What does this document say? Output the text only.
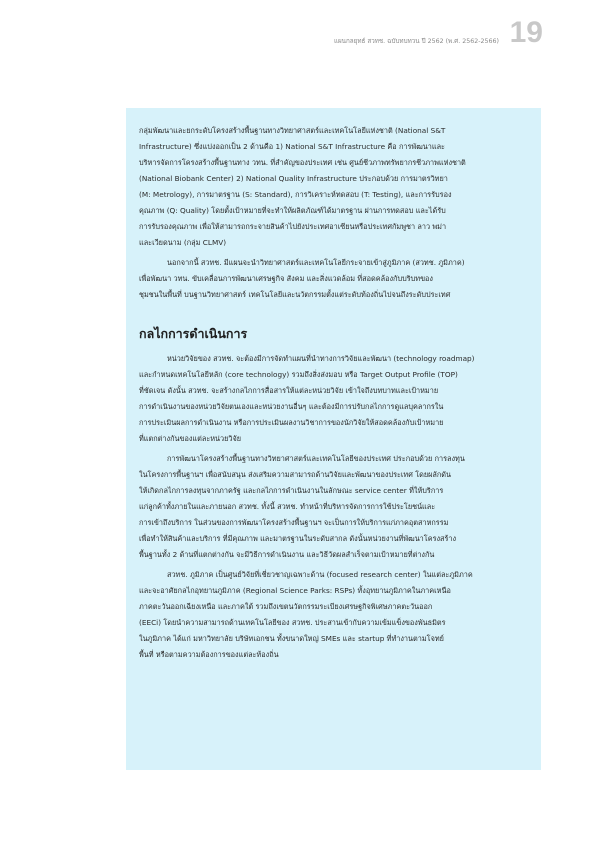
แผนกลยุทธ์ สวทช. ฉบับทบทวน ปี 2562 (พ.ศ. 2562-2566) 19
กลุ่มพัฒนาและยกระดับโครงสร้างพื้นฐานทางวิทยาศาสตร์และเทคโนโลยีแห่งชาติ (National S&T
Infrastructure) ซึ่งแบ่งออกเป็น 2 ด้านคือ 1) National S&T Infrastructure คือ การพัฒนาและ
บริหารจัดการโครงสร้างพื้นฐานทาง วทน. ที่สำคัญของประเทศ เช่น ศูนย์ชีวภาพทรัพยากรชีวภาพแห่งชาติ
(National Biobank Center) 2) National Quality Infrastructure ประกอบด้วย การมาตรวิทยา
(M: Metrology), การมาตรฐาน (S: Standard), การวิเคราะห์ทดสอบ (T: Testing), และการรับรอง
คุณภาพ (Q: Quality) โดยตั้งเป้าหมายที่จะทำให้ผลิตภัณฑ์ได้มาตรฐาน ผ่านการทดสอบ และได้รับ
การรับรองคุณภาพ เพื่อให้สามารถกระจายสินค้าไปยังประเทศอาเซียนหรือประเทศกัมพูชา ลาว พม่า
และเวียดนาม (กลุ่ม CLMV)
นอกจากนี้ สวทช. มีแผนจะนำวิทยาศาสตร์และเทคโนโลยีกระจายเข้าสู่ภูมิภาค (สวทช. ภูมิภาค)
เพื่อพัฒนา วทน. ขับเคลื่อนการพัฒนาเศรษฐกิจ สังคม และสิ่งแวดล้อม ที่สอดคล้องกับบริบทของ
ชุมชนในพื้นที่ บนฐานวิทยาศาสตร์ เทคโนโลยีและนวัตกรรมตั้งแต่ระดับท้องถิ่นไปจนถึงระดับประเทศ
กลไกการดำเนินการ
หน่วยวิจัยของ สวทช. จะต้องมีการจัดทำแผนที่นำทางการวิจัยและพัฒนา (technology roadmap)
และกำหนดเทคโนโลยีหลัก (core technology) รวมถึงสิ่งส่งมอบ หรือ Target Output Profile (TOP)
ที่ชัดเจน ดังนั้น สวทช. จะสร้างกลไกการสื่อสารให้แต่ละหน่วยวิจัย เข้าใจถึงบทบาทและเป้าหมาย
การดำเนินงานของหน่วยวิจัยตนเองและหน่วยงานอื่นๆ และต้องมีการปรับกลไกการดูแลบุคลากรใน
การประเมินผลการดำเนินงาน หรือการประเมินผลงานวิชาการของนักวิจัยให้สอดคล้องกับเป้าหมาย
ที่แตกต่างกันของแต่ละหน่วยวิจัย
การพัฒนาโครงสร้างพื้นฐานทางวิทยาศาสตร์และเทคโนโลยีของประเทศ ประกอบด้วย การลงทุน
ในโครงการพื้นฐานฯ เพื่อสนับสนุน ส่งเสริมความสามารถด้านวิจัยและพัฒนาของประเทศ โดยผลักดัน
ให้เกิดกลไกการลงทุนจากภาครัฐ และกลไกการดำเนินงานในลักษณะ service center ที่ให้บริการ
แก่ลูกค้าทั้งภายในและภายนอก สวทช. ทั้งนี้ สวทช. ทำหน้าที่บริหารจัดการการใช้ประโยชน์และ
การเข้าถึงบริการ ในส่วนของการพัฒนาโครงสร้างพื้นฐานฯ จะเป็นการให้บริการแก่ภาคอุตสาหกรรม
เพื่อทำให้สินค้าและบริการ ที่มีคุณภาพ และมาตรฐานในระดับสากล ดังนั้นหน่วยงานที่พัฒนาโครงสร้าง
พื้นฐานทั้ง 2 ด้านที่แตกต่างกัน จะมีวิธีการดำเนินงาน และวิธีวัดผลสำเร็จตามเป้าหมายที่ต่างกัน
สวทช. ภูมิภาค เป็นศูนย์วิจัยที่เชี่ยวชาญเฉพาะด้าน (focused research center) ในแต่ละภูมิภาค
และจะอาศัยกลไกอุทยานภูมิภาค (Regional Science Parks: RSPs) ทั้งอุทยานภูมิภาคในภาคเหนือ
ภาคตะวันออกเฉียงเหนือ และภาคใต้ รวมถึงเขตนวัตกรรมระเบียงเศรษฐกิจพิเศษภาคตะวันออก
(EECi) โดยนำความสามารถด้านเทคโนโลยีของ สวทช. ประสานเข้ากับความเข้มแข็งของพันธมิตร
ในภูมิภาค ได้แก่ มหาวิทยาลัย บริษัทเอกชน ทั้งขนาดใหญ่ SMEs และ startup ที่ทำงานตามโจทย์
พื้นที่ หรือตามความต้องการของแต่ละท้องถิ่น
